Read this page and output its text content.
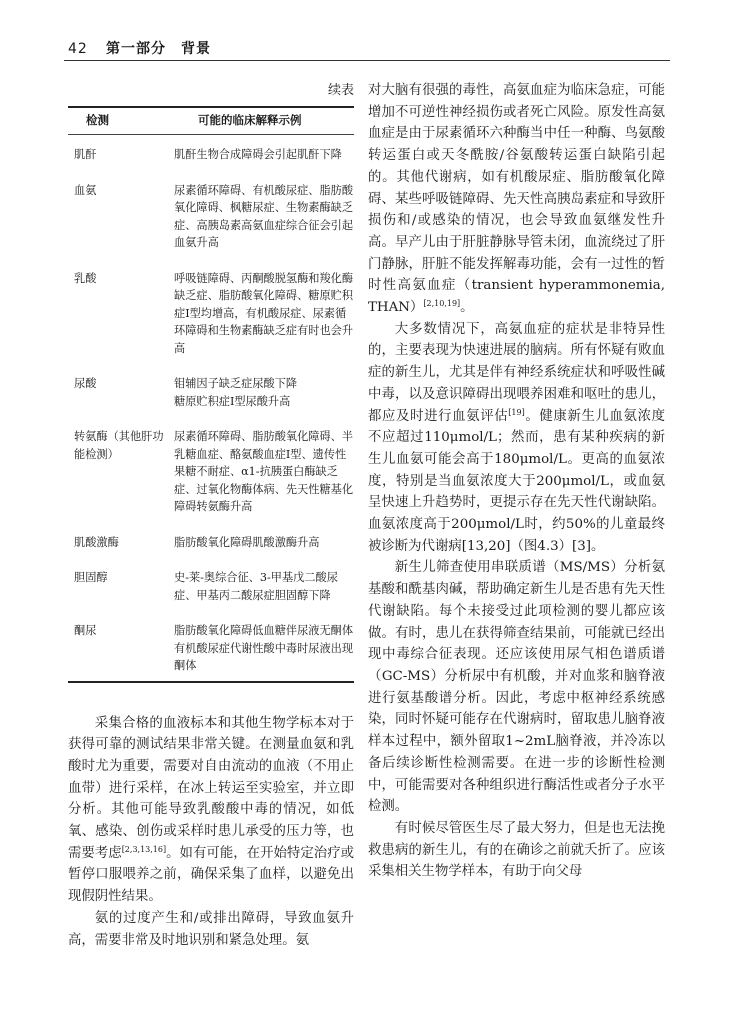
42 第一部分　背景
续表
检测	可能的临床解释示例
肌酐	肌酐生物合成障碍会引起肌酐下降

血氨	尿素循环障碍、有机酸尿症、脂肪酸氧化障碍、枫糖尿症、生物素酶缺乏症、高胰岛素高氨血症综合征会引起血氨升高

乳酸	呼吸链障碍、丙酮酸脱氢酶和羧化酶缺乏症、脂肪酸氧化障碍、糖原贮积症Ⅰ型均增高，有机酸尿症、尿素循环障碍和生物素酶缺乏症有时也会升高

尿酸	钼辅因子缺乏症尿酸下降
糖原贮积症Ⅰ型尿酸升高

转氨酶（其他肝功能检测）	尿素循环障碍、脂肪酸氧化障碍、半乳糖血症、酪氨酸血症Ⅰ型、遗传性果糖不耐症、α1-抗胰蛋白酶缺乏症、过氧化物酶体病、先天性糖基化障碍转氨酶升高

肌酸激酶	脂肪酸氧化障碍肌酸激酶升高

胆固醇	史-莱-奥综合征、3-甲基戊二酸尿症、甲基丙二酸尿症胆固醇下降

酮尿	脂肪酸氧化障碍低血糖伴尿液无酮体
有机酸尿症代谢性酸中毒时尿液出现酮体

采集合格的血液标本和其他生物学标本对于获得可靠的测试结果非常关键。在测量血氨和乳酸时尤为重要，需要对自由流动的血液（不用止血带）进行采样，在冰上转运至实验室，并立即分析。其他可能导致乳酸酸中毒的情况，如低氧、感染、创伤或采样时患儿承受的压力等，也需要考虑[2,3,13,16]。如有可能，在开始特定治疗或暂停口服喂养之前，确保采集了血样，以避免出现假阴性结果。

氨的过度产生和/或排出障碍，导致血氨升高，需要非常及时地识别和紧急处理。氨

对大脑有很强的毒性，高氨血症为临床急症，可能增加不可逆性神经损伤或者死亡风险。原发性高氨血症是由于尿素循环六种酶当中任一种酶、鸟氨酸转运蛋白或天冬酰胺/谷氨酸转运蛋白缺陷引起的。其他代谢病，如有机酸尿症、脂肪酸氧化障碍、某些呼吸链障碍、先天性高胰岛素症和导致肝损伤和/或感染的情况，也会导致血氨继发性升高。早产儿由于肝脏静脉导管未闭，血流绕过了肝门静脉，肝脏不能发挥解毒功能，会有一过性的暂时性高氨血症（transient hyperammonemia, THAN）[2,10,19]。

大多数情况下，高氨血症的症状是非特异性的，主要表现为快速进展的脑病。所有怀疑有败血症的新生儿，尤其是伴有神经系统症状和呼吸性碱中毒，以及意识障碍出现喂养困难和呕吐的患儿，都应及时进行血氨评估[19]。健康新生儿血氨浓度不应超过110μmol/L；然而，患有某种疾病的新生儿血氨可能会高于180μmol/L。更高的血氨浓度，特别是当血氨浓度大于200μmol/L，或血氨呈快速上升趋势时，更提示存在先天性代谢缺陷。血氨浓度高于200μmol/L时，约50%的儿童最终被诊断为代谢病[13,20]（图4.3）[3]。

新生儿筛查使用串联质谱（MS/MS）分析氨基酸和酰基肉碱，帮助确定新生儿是否患有先天性代谢缺陷。每个未接受过此项检测的婴儿都应该做。有时，患儿在获得筛查结果前，可能就已经出现中毒综合征表现。还应该使用尿气相色谱质谱（GC-MS）分析尿中有机酸，并对血浆和脑脊液进行氨基酸谱分析。因此，考虑中枢神经系统感染，同时怀疑可能存在代谢病时，留取患儿脑脊液样本过程中，额外留取1~2mL脑脊液，并冷冻以备后续诊断性检测需要。在进一步的诊断性检测中，可能需要对各种组织进行酶活性或者分子水平检测。

有时候尽管医生尽了最大努力，但是也无法挽救患病的新生儿，有的在确诊之前就夭折了。应该采集相关生物学样本，有助于向父母
